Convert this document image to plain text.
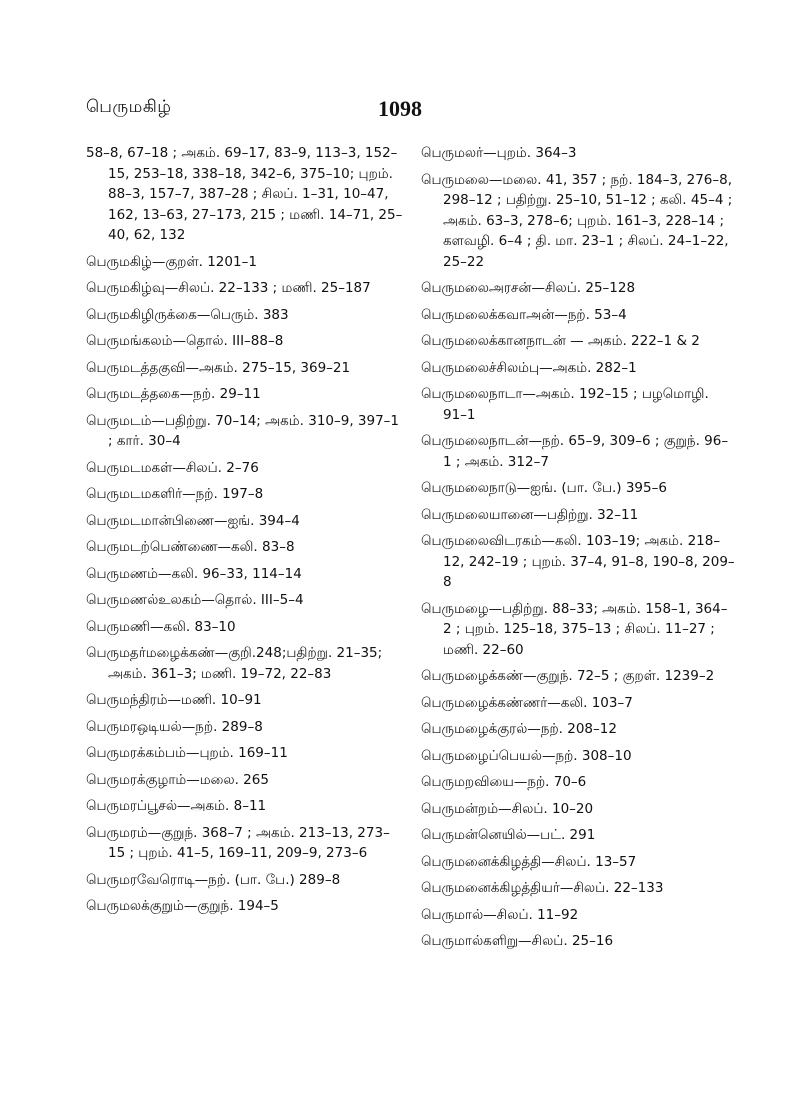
பெருமகிழ்	1098
58–8, 67–18 ; அகம். 69–17, 83–9, 113–3, 152–15, 253–18, 338–18, 342–6, 375–10; புறம். 88–3, 157–7, 387–28 ; சிலப். 1–31, 10–47, 162, 13–63, 27–173, 215 ; மணி. 14–71, 25–40, 62, 132
பெருமகிழ்—குறள். 1201–1
பெருமகிழ்வு—சிலப். 22–133 ; மணி. 25–187
பெருமகிழிருக்கை—பெரும். 383
பெருமங்கலம்—தொல். III–88–8
பெருமடத்தகுவி—அகம். 275–15, 369–21
பெருமடத்தகை—நற். 29–11
பெருமடம்—பதிற்று. 70–14; அகம். 310–9, 397–1 ; கார். 30–4
பெருமடமகள்—சிலப். 2–76
பெருமடமகளிர்—நற். 197–8
பெருமடமான்பிணை—ஐங். 394–4
பெருமடற்பெண்ணை—கலி. 83–8
பெருமணம்—கலி. 96–33, 114–14
பெருமணல்உலகம்—தொல். III–5–4
பெருமணி—கலி. 83–10
பெருமதர்மழைக்கண்—குறி.248;பதிற்று. 21–35; அகம். 361–3; மணி. 19–72, 22–83
பெருமந்திரம்—மணி. 10–91
பெருமரஒடியல்—நற். 289–8
பெருமரக்கம்பம்—புறம். 169–11
பெருமரக்குழாம்—மலை. 265
பெருமரப்பூசல்—அகம். 8–11
பெருமரம்—குறுந். 368–7 ; அகம். 213–13, 273–15 ; புறம். 41–5, 169–11, 209–9, 273–6
பெருமரவேரொடி—நற். (பா. பே.) 289–8
பெருமலக்குறும்—குறுந். 194–5
பெருமலர்—புறம். 364–3
பெருமலை—மலை. 41, 357 ; நற். 184–3, 276–8, 298–12 ; பதிற்று. 25–10, 51–12 ; கலி. 45–4 ; அகம். 63–3, 278–6; புறம். 161–3, 228–14 ; களவழி. 6–4 ; தி. மா. 23–1 ; சிலப். 24–1–22, 25–22
பெருமலைஅரசன்—சிலப். 25–128
பெருமலைக்கவாஅன்—நற். 53–4
பெருமலைக்கானநாடன் — அகம். 222–1 & 2
பெருமலைச்சிலம்பு—அகம். 282–1
பெருமலைநாடா—அகம். 192–15 ; பழமொழி. 91–1
பெருமலைநாடன்—நற். 65–9, 309–6 ; குறுந். 96–1 ; அகம். 312–7
பெருமலைநாடு—ஐங். (பா. பே.) 395–6
பெருமலையானை—பதிற்று. 32–11
பெருமலைவிடரகம்—கலி. 103–19; அகம். 218–12, 242–19 ; புறம். 37–4, 91–8, 190–8, 209–8
பெருமழை—பதிற்று. 88–33; அகம். 158–1, 364–2 ; புறம். 125–18, 375–13 ; சிலப். 11–27 ; மணி. 22–60
பெருமழைக்கண்—குறுந். 72–5 ; குறள். 1239–2
பெருமழைக்கண்ணர்—கலி. 103–7
பெருமழைக்குரல்—நற். 208–12
பெருமழைப்பெயல்—நற். 308–10
பெருமறவியை—நற். 70–6
பெருமன்றம்—சிலப். 10–20
பெருமன்னெயில்—பட். 291
பெருமனைக்கிழத்தி—சிலப். 13–57
பெருமனைக்கிழத்தியர்—சிலப். 22–133
பெருமால்—சிலப். 11–92
பெருமால்களிறு—சிலப். 25–16
